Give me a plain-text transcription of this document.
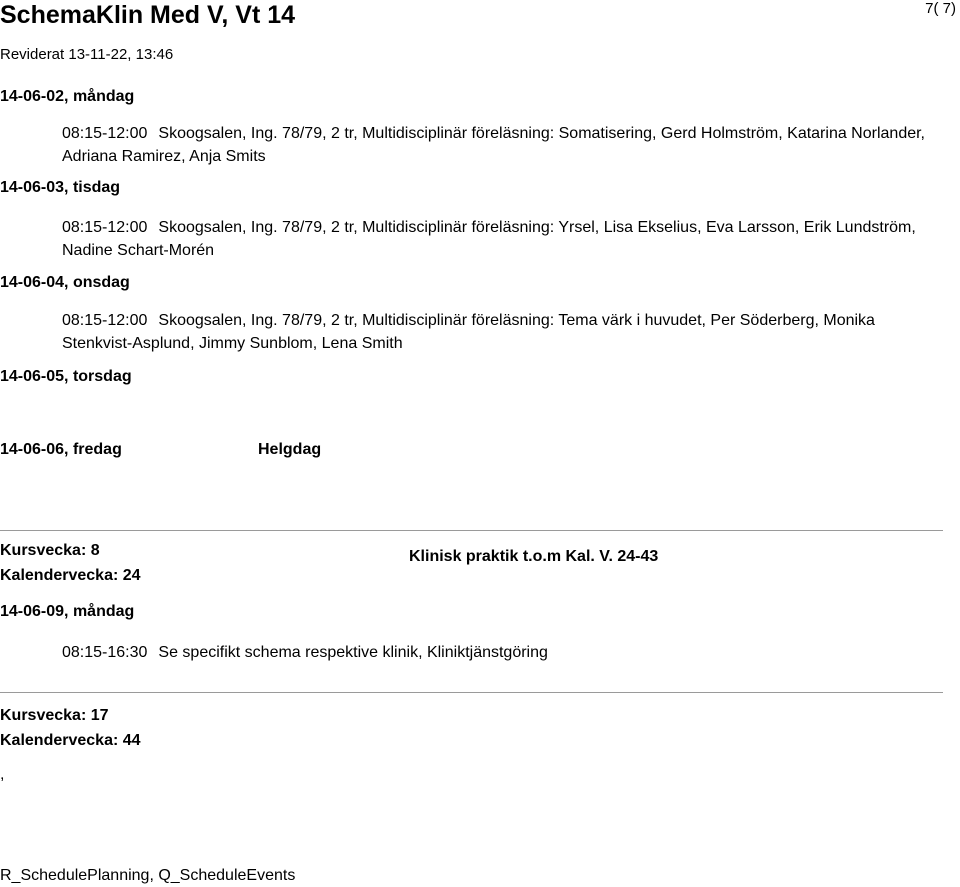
SchemaKlin Med V, Vt 14	7( 7)
Reviderat 13-11-22, 13:46
14-06-02, måndag
08:15-12:00 Skoogsalen, Ing. 78/79, 2 tr, Multidisciplinär föreläsning: Somatisering, Gerd Holmström, Katarina Norlander, Adriana Ramirez, Anja Smits
14-06-03, tisdag
08:15-12:00 Skoogsalen, Ing. 78/79, 2 tr, Multidisciplinär föreläsning: Yrsel, Lisa Ekselius, Eva Larsson, Erik Lundström, Nadine Schart-Morén
14-06-04, onsdag
08:15-12:00 Skoogsalen, Ing. 78/79, 2 tr, Multidisciplinär föreläsning: Tema värk i huvudet, Per Söderberg, Monika Stenkvist-Asplund, Jimmy Sunblom, Lena Smith
14-06-05, torsdag
14-06-06, fredag	Helgdag
Kursvecka: 8
Kalendervecka: 24
Klinisk praktik t.o.m Kal. V. 24-43
14-06-09, måndag
08:15-16:30 Se specifikt schema respektive klinik, Kliniktjänstgöring
Kursvecka: 17
Kalendervecka: 44
,
R_SchedulePlanning, Q_ScheduleEvents
